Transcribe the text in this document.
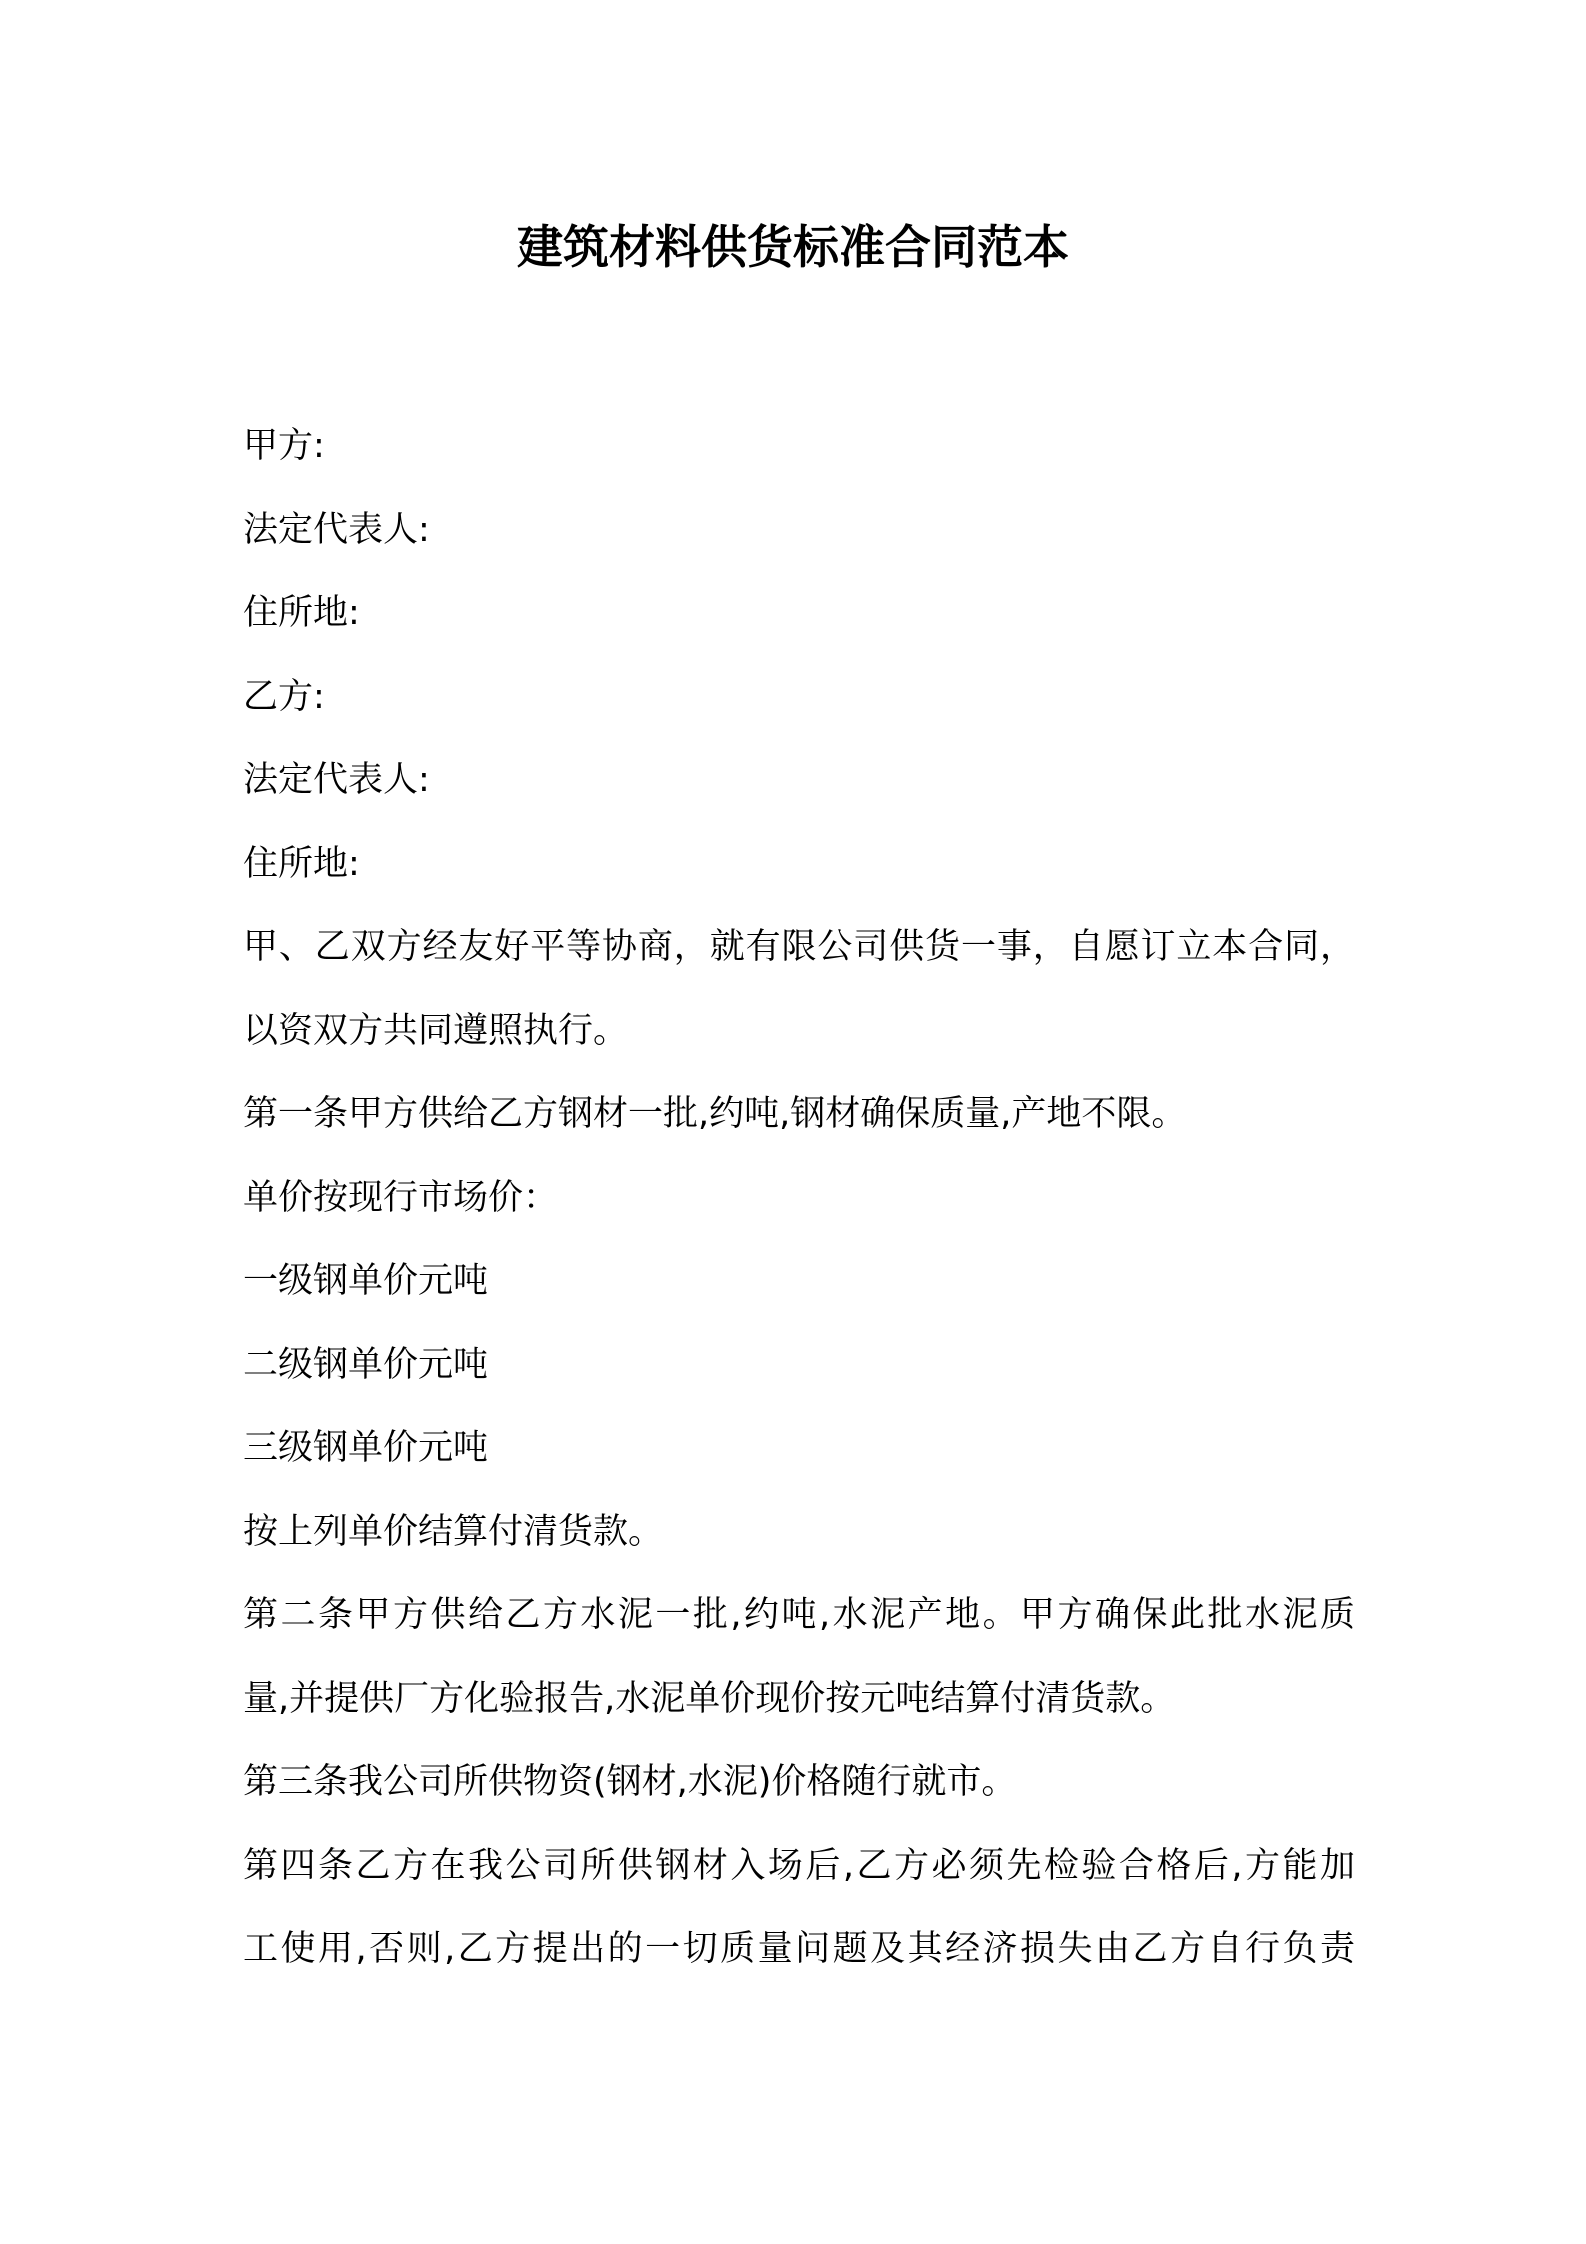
建筑材料供货标准合同范本

甲方:

法定代表人:

住所地:

乙方:

法定代表人:

住所地:

甲、乙双方经友好平等协商，就有限公司供货一事，自愿订立本合同，
以资双方共同遵照执行。

第一条甲方供给乙方钢材一批,约吨,钢材确保质量,产地不限。

单价按现行市场价：

一级钢单价元吨

二级钢单价元吨

三级钢单价元吨

按上列单价结算付清货款。

第二条甲方供给乙方水泥一批,约吨,水泥产地。甲方确保此批水泥质
量,并提供厂方化验报告,水泥单价现价按元吨结算付清货款。

第三条我公司所供物资(钢材,水泥)价格随行就市。

第四条乙方在我公司所供钢材入场后,乙方必须先检验合格后,方能加
工使用,否则,乙方提出的一切质量问题及其经济损失由乙方自行负责
